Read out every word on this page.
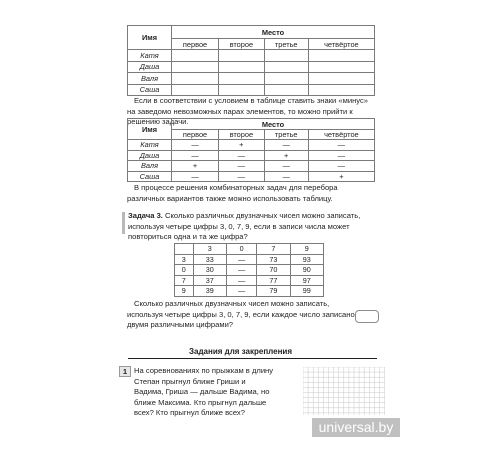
Имя	Место			
	первое	второе	третье	четвёртое
Катя				
Даша				
Валя				
Саша				
Если в соответствии с условием в таблице ставить знаки «минус» на заведомо невозможных парах элементов, то можно прийти к решению задачи.
Имя	Место			
	первое	второе	третье	четвёртое
Катя	—	+	—	—
Даша	—	—	+	—
Валя	+	—	—	—
Саша	—	—	—	+
В процессе решения комбинаторных задач для перебора различных вариантов также можно использовать таблицу.
Задача 3. Сколько различных двузначных чисел можно записать, используя четыре цифры 3, 0, 7, 9, если в записи числа может повториться одна и та же цифра?
	3	0	7	9
3	33	—	73	93
0	30	—	70	90
7	37	—	77	97
9	39	—	79	99
Сколько различных двузначных чисел можно записать, используя четыре цифры 3, 0, 7, 9, если каждое число записано двумя различными цифрами?
Задания для закрепления
1 На соревнованиях по прыжкам в длину Степан прыгнул ближе Гриши и Вадима, Гриша — дальше Вадима, но ближе Максима. Кто прыгнул дальше всех? Кто прыгнул ближе всех?
universal.by
